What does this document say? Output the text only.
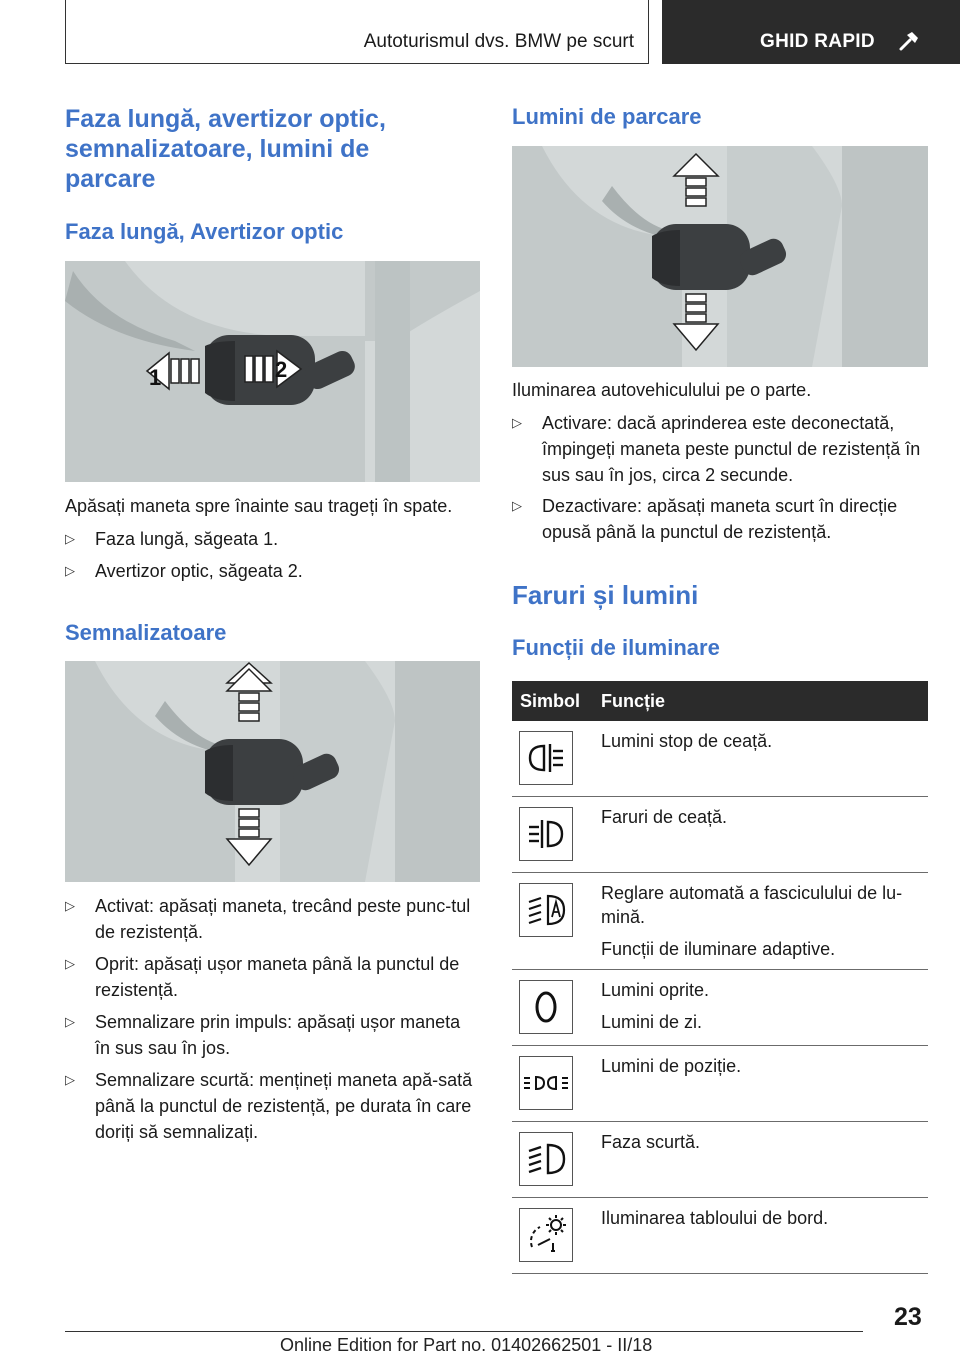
Autoturismul dvs. BMW pe scurt	GHID RAPID
Faza lungă, avertizor optic, semnalizatoare, lumini de parcare
Faza lungă, Avertizor optic
1	2

Apăsați maneta spre înainte sau trageți în spate.

▷ Faza lungă, săgeata 1.
▷ Avertizor optic, săgeata 2.
Semnalizatoare
▷ Activat: apăsați maneta, trecând peste punc-tul de rezistență.
▷ Oprit: apăsați ușor maneta până la punctul de rezistență.
▷ Semnalizare prin impuls: apăsați ușor maneta în sus sau în jos.
▷ Semnalizare scurtă: mențineți maneta apă-sată până la punctul de rezistență, pe durata în care doriți să semnalizați.
Lumini de parcare

Iluminarea autovehiculului pe o parte.

▷ Activare: dacă aprinderea este deconectată, împingeți maneta peste punctul de rezistență în sus sau în jos, circa 2 secunde.
▷ Dezactivare: apăsați maneta scurt în direcție opusă până la punctul de rezistență.
Faruri și lumini
Funcții de iluminare
Simbol Funcție

Lumini stop de ceață.

Faruri de ceață.

Reglare automată a fasciculului de lu-mină.

Funcții de iluminare adaptive.

Lumini oprite.

Lumini de zi.

Lumini de poziție.

Faza scurtă.

Iluminarea tabloului de bord.

23
Online Edition for Part no. 01402662501 - II/18
